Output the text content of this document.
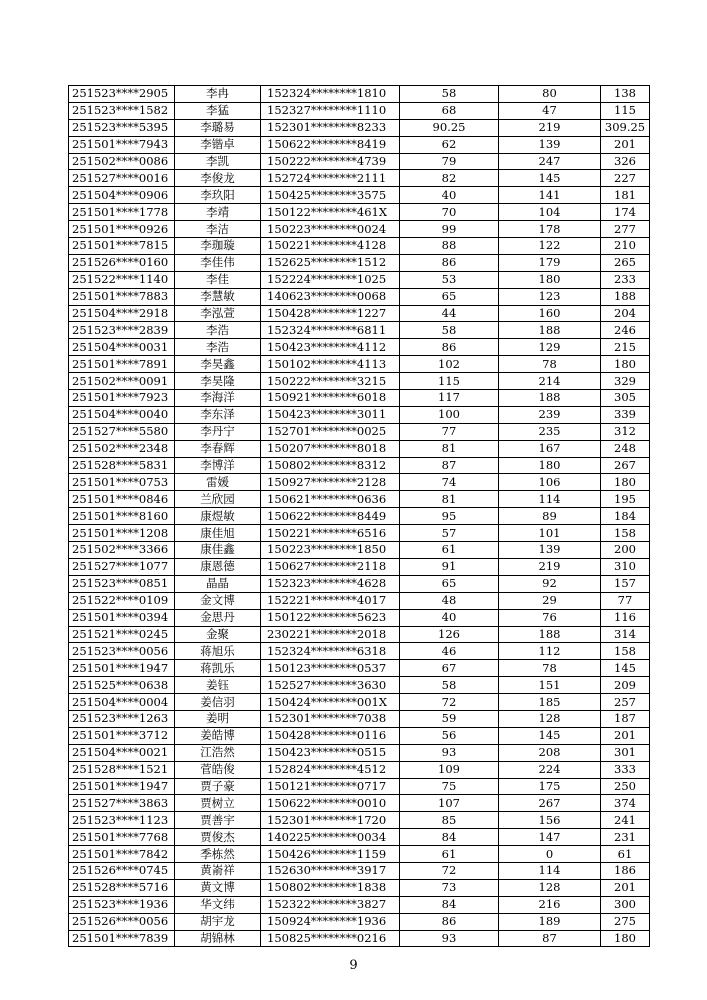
251523****2905	李冉	152324********1810	58	80	138
251523****1582	李猛	152327********1110	68	47	115
251523****5395	李璐易	152301********8233	90.25	219	309.25
251501****7943	李锴卓	150622********8419	62	139	201
251502****0086	李凯	150222********4739	79	247	326
251527****0016	李俊龙	152724********2111	82	145	227
251504****0906	李玖阳	150425********3575	40	141	181
251501****1778	李靖	150122********461X	70	104	174
251501****0926	李洁	150223********0024	99	178	277
251501****7815	李珈璇	150221********4128	88	122	210
251526****0160	李佳伟	152625********1512	86	179	265
251522****1140	李佳	152224********1025	53	180	233
251501****7883	李慧敏	140623********0068	65	123	188
251504****2918	李泓萱	150428********1227	44	160	204
251523****2839	李浩	152324********6811	58	188	246
251504****0031	李浩	150423********4112	86	129	215
251501****7891	李昊鑫	150102********4113	102	78	180
251502****0091	李昊隆	150222********3215	115	214	329
251501****7923	李海洋	150921********6018	117	188	305
251504****0040	李东泽	150423********3011	100	239	339
251527****5580	李丹宁	152701********0025	77	235	312
251502****2348	李春辉	150207********8018	81	167	248
251528****5831	李博洋	150802********8312	87	180	267
251501****0753	雷媛	150927********2128	74	106	180
251501****0846	兰欣园	150621********0636	81	114	195
251501****8160	康煜敏	150622********8449	95	89	184
251501****1208	康佳旭	150221********6516	57	101	158
251502****3366	康佳鑫	150223********1850	61	139	200
251527****1077	康恩德	150627********2118	91	219	310
251523****0851	晶晶	152323********4628	65	92	157
251522****0109	金文博	152221********4017	48	29	77
251501****0394	金思丹	150122********5623	40	76	116
251521****0245	金聚	230221********2018	126	188	314
251523****0056	蒋旭乐	152324********6318	46	112	158
251501****1947	蒋凯乐	150123********0537	67	78	145
251525****0638	姜钰	152527********3630	58	151	209
251504****0004	姜信羽	150424********001X	72	185	257
251523****1263	姜明	152301********7038	59	128	187
251501****3712	姜皓博	150428********0116	56	145	201
251504****0021	江浩然	150423********0515	93	208	301
251528****1521	菅皓俊	152824********4512	109	224	333
251501****1947	贾子豪	150121********0717	75	175	250
251527****3863	贾树立	150622********0010	107	267	374
251523****1123	贾善宇	152301********1720	85	156	241
251501****7768	贾俊杰	140225********0034	84	147	231
251501****7842	季栋然	150426********1159	61	0	61
251526****0745	黄嵛祥	152630********3917	72	114	186
251528****5716	黄文博	150802********1838	73	128	201
251523****1936	华文纬	152322********3827	84	216	300
251526****0056	胡宇龙	150924********1936	86	189	275
251501****7839	胡锦林	150825********0216	93	87	180
9
